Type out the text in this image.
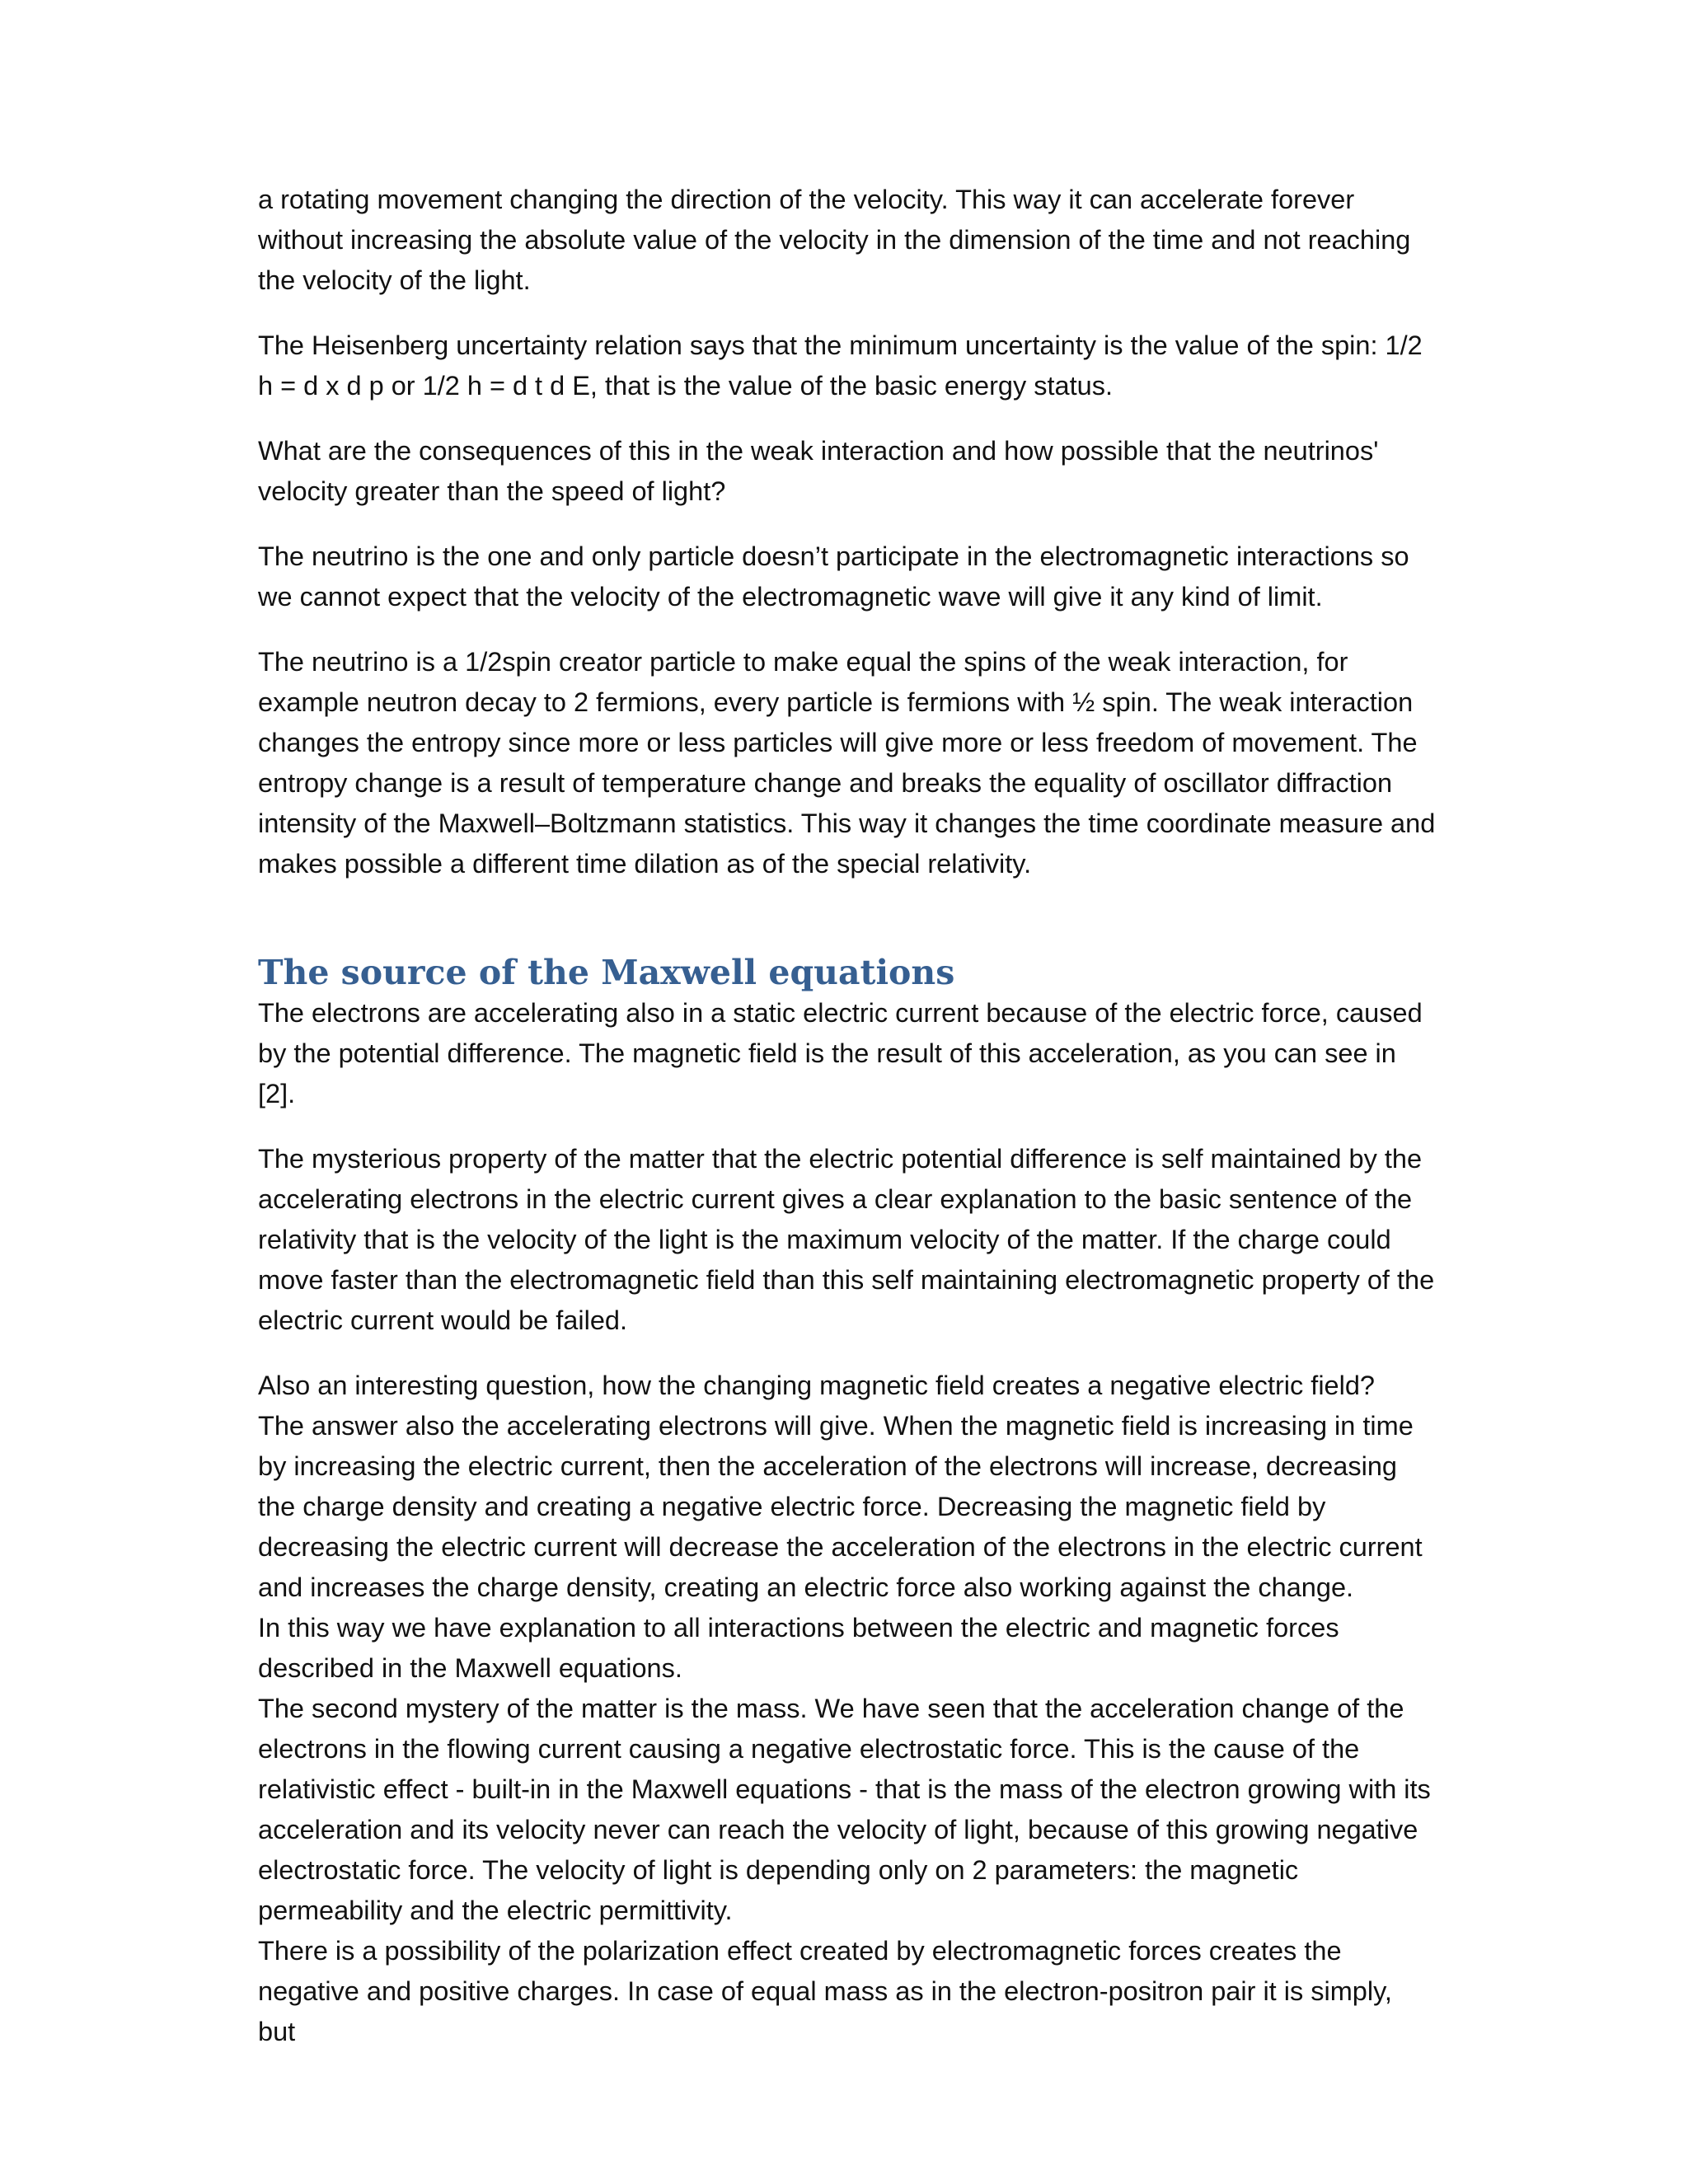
a rotating movement changing the direction of the velocity. This way it can accelerate forever without increasing the absolute value of the velocity in the dimension of the time and not reaching the velocity of the light.

The Heisenberg uncertainty relation says that the minimum uncertainty is the value of the spin: 1/2 h = d x d p or 1/2 h = d t d E, that is the value of the basic energy status.

What are the consequences of this in the weak interaction and how possible that the neutrinos' velocity greater than the speed of light?

The neutrino is the one and only particle doesn’t participate in the electromagnetic interactions so we cannot expect that the velocity of the electromagnetic wave will give it any kind of limit.

The neutrino is a 1/2spin creator particle to make equal the spins of the weak interaction, for example neutron decay to 2 fermions, every particle is fermions with ½ spin. The weak interaction changes the entropy since more or less particles will give more or less freedom of movement. The entropy change is a result of temperature change and breaks the equality of oscillator diffraction intensity of the Maxwell–Boltzmann statistics. This way it changes the time coordinate measure and makes possible a different time dilation as of the special relativity.

The source of the Maxwell equations

The electrons are accelerating also in a static electric current because of the electric force, caused by the potential difference. The magnetic field is the result of this acceleration, as you can see in [2].

The mysterious property of the matter that the electric potential difference is self maintained by the accelerating electrons in the electric current gives a clear explanation to the basic sentence of the relativity that is the velocity of the light is the maximum velocity of the matter. If the charge could move faster than the electromagnetic field than this self maintaining electromagnetic property of the electric current would be failed.

Also an interesting question, how the changing magnetic field creates a negative electric field?

The answer also the accelerating electrons will give. When the magnetic field is increasing in time by increasing the electric current, then the acceleration of the electrons will increase, decreasing the charge density and creating a negative electric force. Decreasing the magnetic field by decreasing the electric current will decrease the acceleration of the electrons in the electric current and increases the charge density, creating an electric force also working against the change.

In this way we have explanation to all interactions between the electric and magnetic forces described in the Maxwell equations.

The second mystery of the matter is the mass. We have seen that the acceleration change of the electrons in the flowing current causing a negative electrostatic force. This is the cause of the relativistic effect - built-in in the Maxwell equations - that is the mass of the electron growing with its acceleration and its velocity never can reach the velocity of light, because of this growing negative electrostatic force. The velocity of light is depending only on 2 parameters: the magnetic permeability and the electric permittivity.

There is a possibility of the polarization effect created by electromagnetic forces creates the negative and positive charges. In case of equal mass as in the electron-positron pair it is simply, but
